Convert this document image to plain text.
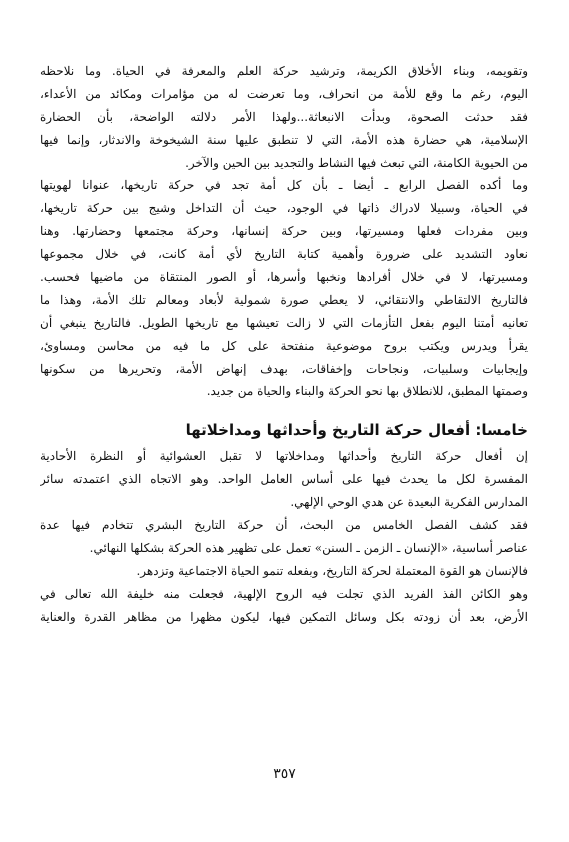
وتقويمه، وبناء الأخلاق الكريمة، وترشيد حركة العلم والمعرفة في الحياة. وما نلاحظه
اليوم، رغم ما وقع للأمة من انحراف، وما تعرضت له من مؤامرات ومكائد من الأعداء،
فقد حدثت الصحوة، وبدأت الانبعاثة...ولهذا الأمر دلالته الواضحة، بأن الحضارة
الإسلامية، هي حضارة هذه الأمة، التي لا تنطبق عليها سنة الشيخوخة والاندثار، وإنما فيها
من الحيوية الكامنة، التي تبعث فيها النشاط والتجديد بين الحين والآخر.
وما أكده الفصل الرابع ـ أيضا ـ بأن كل أمة تجد في حركة تاريخها، عنوانا لهويتها
في الحياة، وسبيلا لادراك ذاتها في الوجود، حيث أن التداخل وشيج بين حركة تاريخها،
وبين مفردات فعلها ومسيرتها، وبين حركة إنسانها، وحركة مجتمعها وحضارتها. وهنا
نعاود التشديد على ضرورة وأهمية كتابة التاريخ لأي أمة كانت، في خلال مجموعها
ومسيرتها، لا في خلال أفرادها ونخبها وأسرها، أو الصور المنتقاة من ماضيها فحسب.
فالتاريخ الالتقاطي والانتقائي، لا يعطي صورة شمولية لأبعاد ومعالم تلك الأمة، وهذا ما
تعانيه أمتنا اليوم بفعل التأزمات التي لا زالت تعيشها مع تاريخها الطويل. فالتاريخ ينبغي أن
يقرأ ويدرس ويكتب بروح موضوعية منفتحة على كل ما فيه من محاسن ومساوئ،
وإيجابيات وسلبيات، ونجاحات وإخفاقات، بهدف إنهاض الأمة، وتحريرها من سكونها
وصمتها المطبق، للانطلاق بها نحو الحركة والبناء والحياة من جديد.
خامسا: أفعال حركة التاريخ وأحداثها ومداخلاتها
إن أفعال حركة التاريخ وأحداثها ومداخلاتها لا تقبل العشوائية أو النظرة الأحادية
المفسرة لكل ما يحدث فيها على أساس العامل الواحد. وهو الاتجاه الذي اعتمدته سائر
المدارس الفكرية البعيدة عن هدي الوحي الإلهي.
فقد كشف الفصل الخامس من البحث، أن حركة التاريخ البشري تتخادم فيها عدة
عناصر أساسية، «الإنسان ـ الزمن ـ السنن» تعمل على تظهير هذه الحركة بشكلها النهائي.
فالإنسان هو القوة المعتملة لحركة التاريخ، وبفعله تنمو الحياة الاجتماعية وتزدهر.
وهو الكائن الفذ الفريد الذي تجلت فيه الروح الإلهية، فجعلت منه خليفة الله تعالى في
الأرض، بعد أن زودته بكل وسائل التمكين فيها، ليكون مظهرا من مظاهر القدرة والعناية
٣٥٧
